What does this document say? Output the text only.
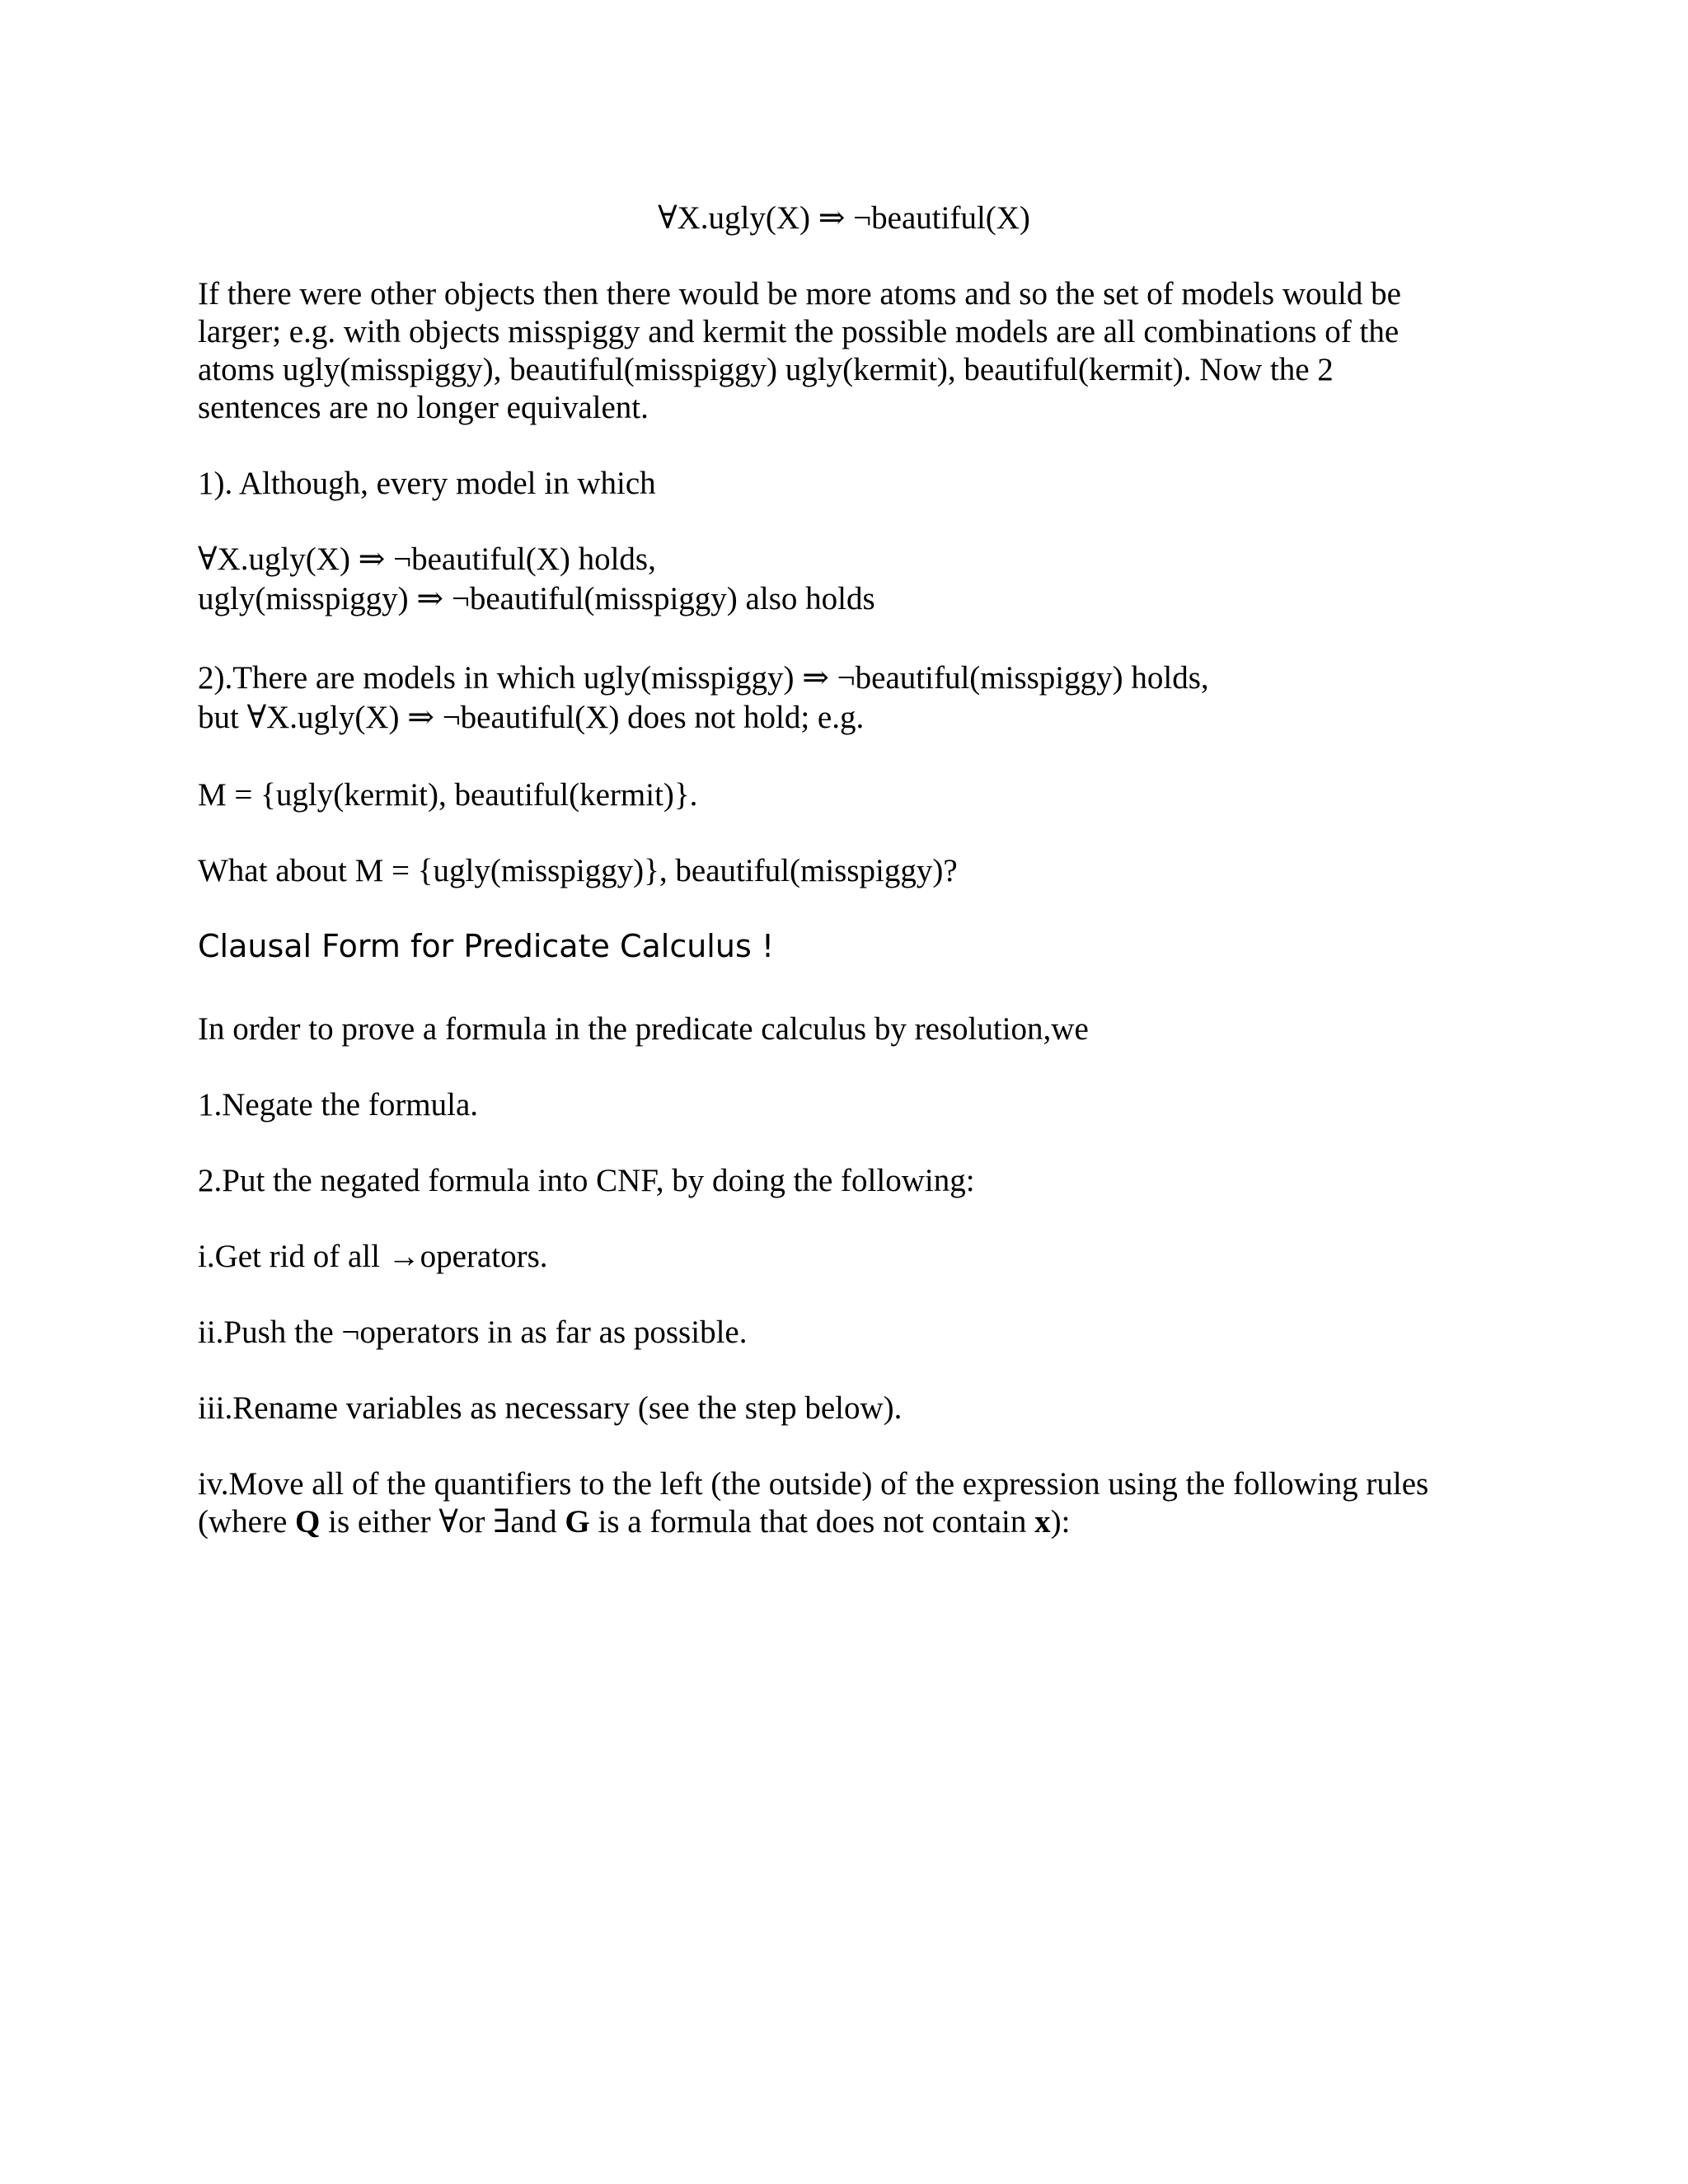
∀X.ugly(X) ⇒ ¬beautiful(X)
If there were other objects then there would be more atoms and so the set of models would be
larger; e.g. with objects misspiggy and kermit the possible models are all combinations of the
atoms ugly(misspiggy), beautiful(misspiggy) ugly(kermit), beautiful(kermit). Now the 2
sentences are no longer equivalent.
1). Although, every model in which
∀X.ugly(X) ⇒ ¬beautiful(X) holds,
ugly(misspiggy) ⇒ ¬beautiful(misspiggy) also holds
2).There are models in which ugly(misspiggy) ⇒ ¬beautiful(misspiggy) holds,
but ∀X.ugly(X) ⇒ ¬beautiful(X) does not hold; e.g.
M = {ugly(kermit), beautiful(kermit)}.
What about M = {ugly(misspiggy)}, beautiful(misspiggy)?
Clausal Form for Predicate Calculus !
In order to prove a formula in the predicate calculus by resolution,we
1.Negate the formula.
2.Put the negated formula into CNF, by doing the following:
i.Get rid of all →operators.
ii.Push the ¬operators in as far as possible.
iii.Rename variables as necessary (see the step below).
iv.Move all of the quantifiers to the left (the outside) of the expression using the following rules
(where Q is either ∀or ∃and G is a formula that does not contain x):
